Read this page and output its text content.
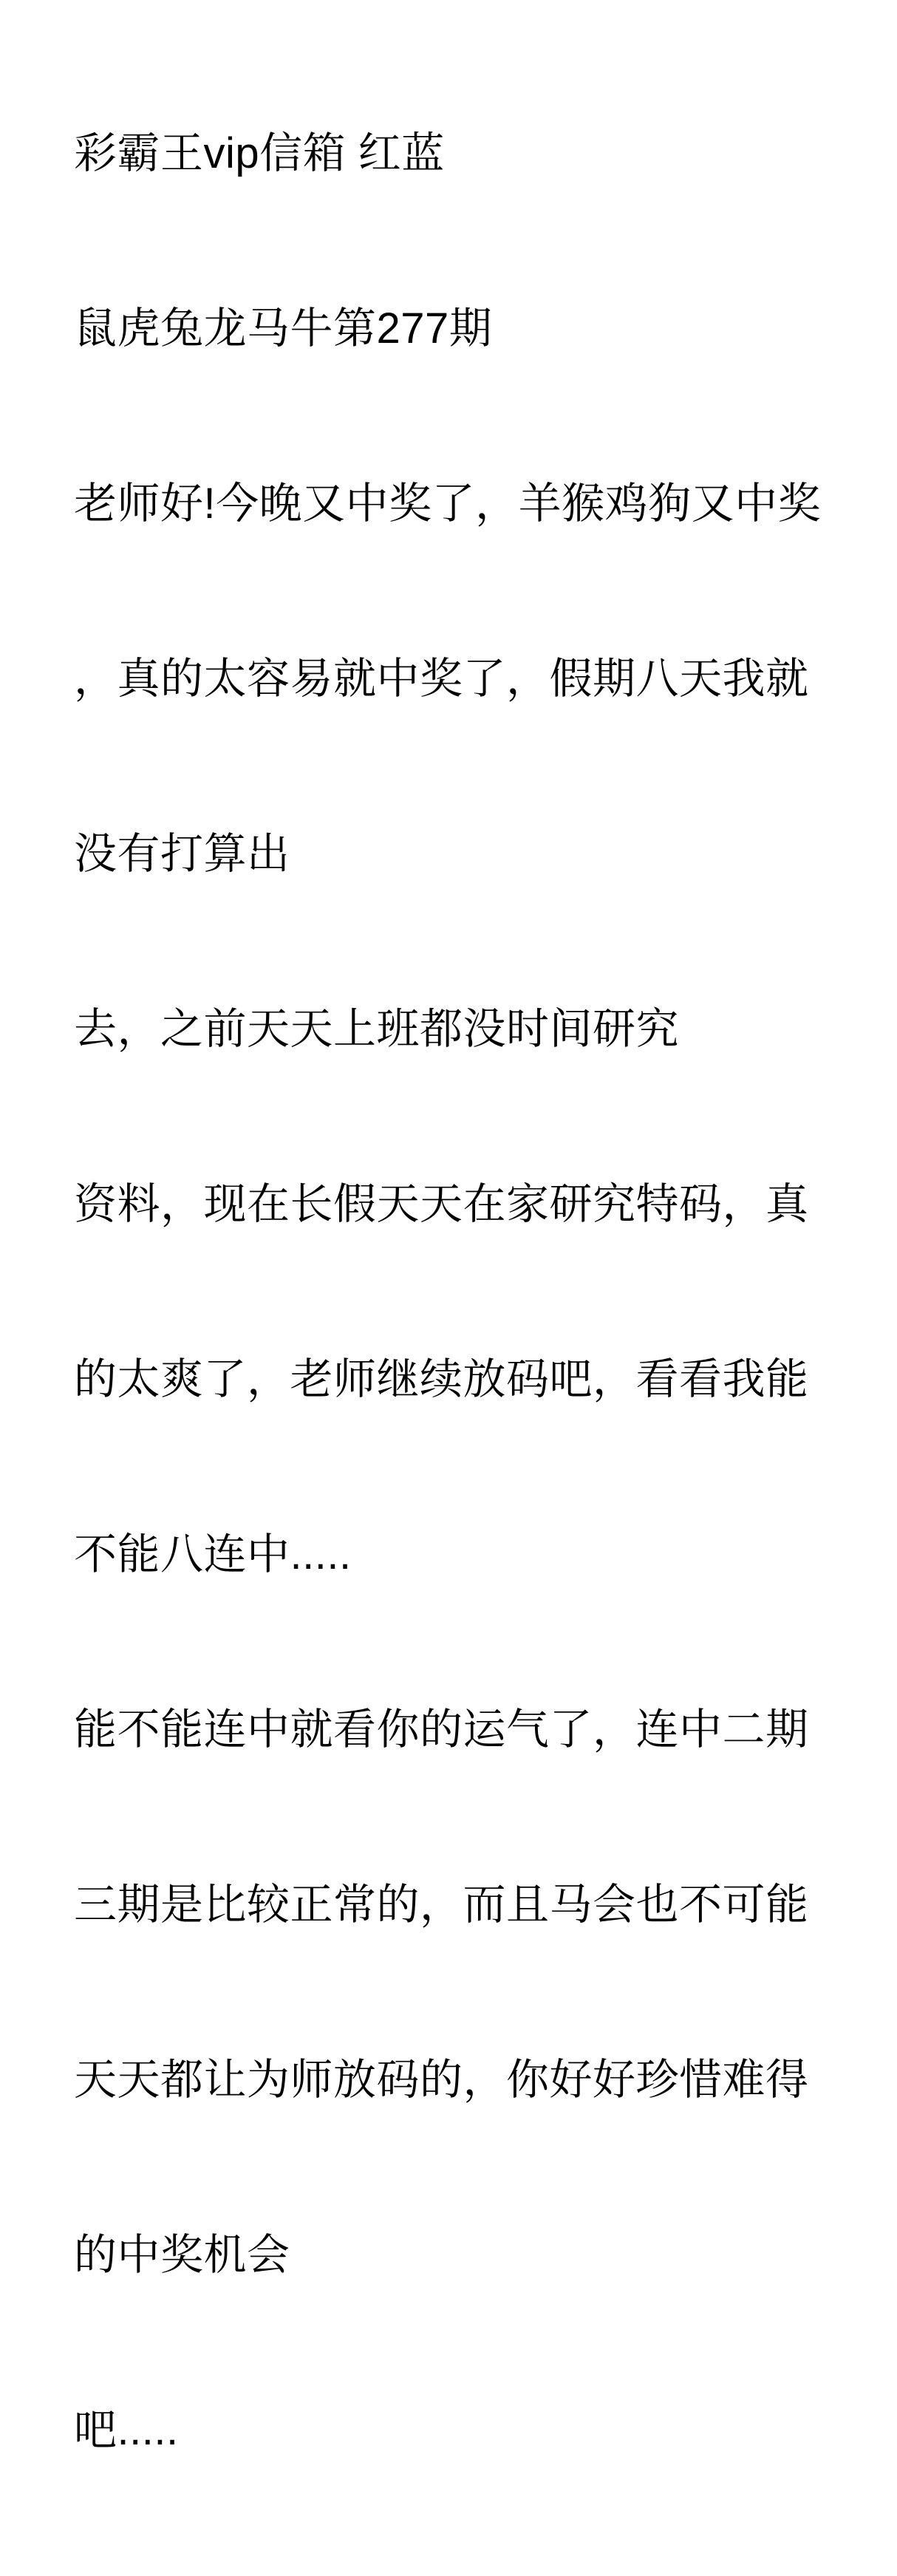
彩霸王vip信箱 红蓝

鼠虎兔龙马牛第277期

老师好!今晚又中奖了，羊猴鸡狗又中奖

，真的太容易就中奖了，假期八天我就

没有打算出

去，之前天天上班都没时间研究

资料，现在长假天天在家研究特码，真

的太爽了，老师继续放码吧，看看我能

不能八连中.....

能不能连中就看你的运气了，连中二期

三期是比较正常的，而且马会也不可能

天天都让为师放码的，你好好珍惜难得

的中奖机会

吧.....
